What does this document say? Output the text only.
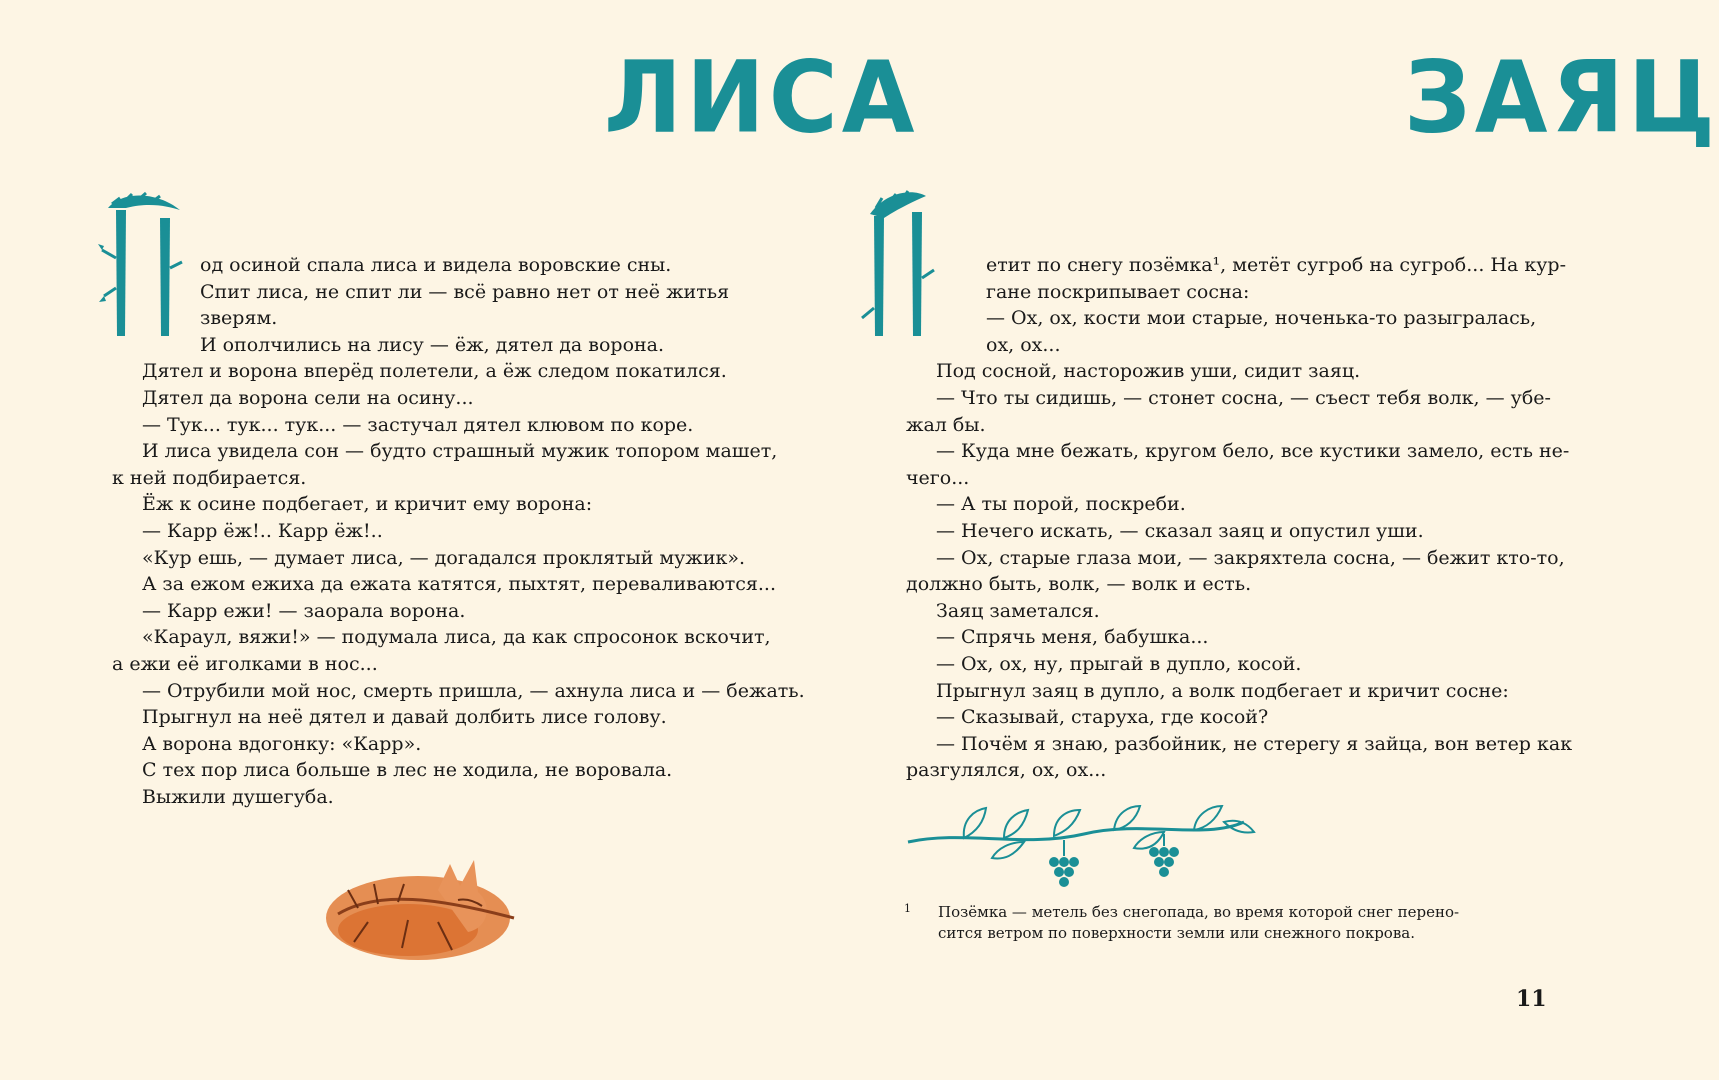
ЛИСА
П
од осиной спала лиса и видела воровские сны.
Спит лиса, не спит ли — всё равно нет от неё житья
зверям.
И ополчились на лису — ёж, дятел да ворона.
Дятел и ворона вперёд полетели, а ёж следом покатился.
Дятел да ворона сели на осину...
— Тук... тук... тук... — застучал дятел клювом по коре.
И лиса увидела сон — будто страшный мужик топором машет,
к ней подбирается.
Ёж к осине подбегает, и кричит ему ворона:
— Карр ёж!.. Карр ёж!..
«Кур ешь, — думает лиса, — догадался проклятый мужик».
А за ежом ежиха да ежата катятся, пыхтят, переваливаются...
— Карр ежи! — заорала ворона.
«Караул, вяжи!» — подумала лиса, да как спросонок вскочит,
а ежи её иголками в нос...
— Отрубили мой нос, смерть пришла, — ахнула лиса и — бежать.
Прыгнул на неё дятел и давай долбить лисе голову.
А ворона вдогонку: «Карр».
С тех пор лиса больше в лес не ходила, не воровала.
Выжили душегуба.
ЗАЯЦ
етит по снегу позёмка¹, метёт сугроб на сугроб... На кур-
гане поскрипывает сосна:
— Ох, ох, кости мои старые, ноченька-то разыгралась,
ох, ох...
Под сосной, насторожив уши, сидит заяц.
— Что ты сидишь, — стонет сосна, — съест тебя волк, — убе-
жал бы.
— Куда мне бежать, кругом бело, все кустики замело, есть не-
чего...
— А ты порой, поскреби.
— Нечего искать, — сказал заяц и опустил уши.
— Ох, старые глаза мои, — закряхтела сосна, — бежит кто-то,
должно быть, волк, — волк и есть.
Заяц заметался.
— Спрячь меня, бабушка...
— Ох, ох, ну, прыгай в дупло, косой.
Прыгнул заяц в дупло, а волк подбегает и кричит сосне:
— Сказывай, старуха, где косой?
— Почём я знаю, разбойник, не стерегу я зайца, вон ветер как
разгулялся, ох, ох...
1	Позёмка — метель без снегопада, во время которой снег перено-
сится ветром по поверхности земли или снежного покрова.
11
